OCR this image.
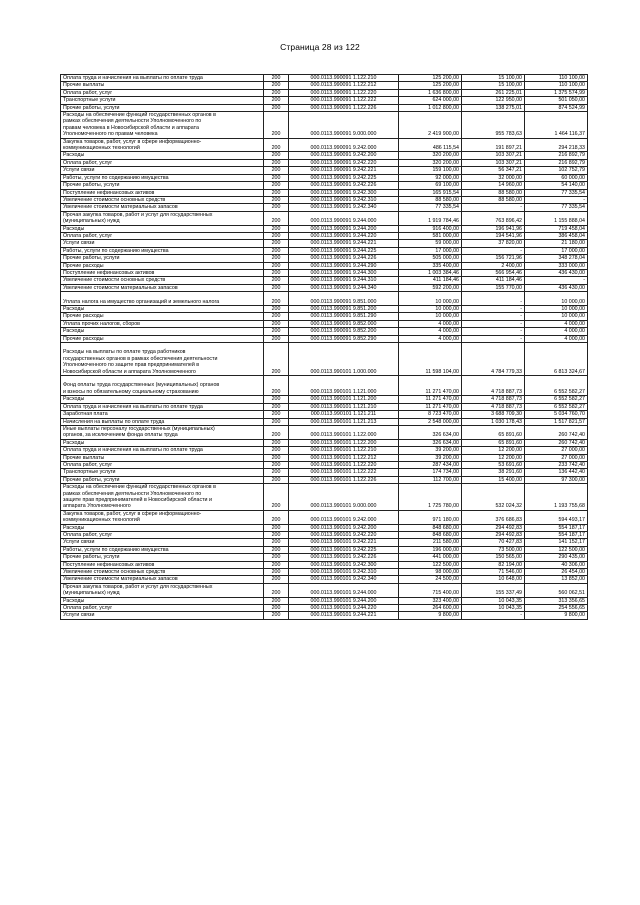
Страница 28 из 122
Оплата труда и начисления на выплаты по оплате труда	200	000.0113.990091 1.122.210	125 200,00	15 100,00	110 100,00
Прочие выплаты	200	000.0113.990091 1.122.212	125 200,00	15 100,00	110 100,00
Оплата работ, услуг	200	000.0113.990091 1.122.220	1 636 800,00	261 225,01	1 375 574,99
Транспортные услуги	200	000.0113.990091 1.122.222	624 000,00	122 950,00	501 050,00
Прочие работы, услуги	200	000.0113.990091 1.122.226	1 012 800,00	138 275,01	874 524,99
Расходы на обеспечение функций государственных органов в
рамках обеспечения деятельности Уполномоченного по
правам человека в Новосибирской области и аппарата
Уполномоченного по правам человека	200	000.0113.990091 9.000.000	2 419 900,00	955 783,63	1 464 116,37
Закупка товаров, работ, услуг в сфере информационно-
коммуникационных технологий	200	000.0113.990091 9.242.000	486 115,54	191 897,21	294 218,33
Расходы	200	000.0113.990091 9.242.200	320 200,00	103 307,21	216 892,79
Оплата работ, услуг	200	000.0113.990091 9.242.220	320 200,00	103 307,21	216 892,79
Услуги связи	200	000.0113.990091 9.242.221	159 100,00	56 347,21	102 752,79
Работы, услуги по содержанию имущества	200	000.0113.990091 9.242.225	92 000,00	32 000,00	60 000,00
Прочие работы, услуги	200	000.0113.990091 9.242.226	69 100,00	14 960,00	54 140,00
Поступление нефинансовых активов	200	000.0113.990091 9.242.300	165 915,54	88 580,00	77 335,54
Увеличение стоимости основных средств	200	000.0113.990091 9.242.310	88 580,00	88 580,00	-
Увеличение стоимости материальных запасов	200	000.0113.990091 9.242.340	77 335,54	-	77 335,54
Прочая закупка товаров, работ и услуг для государственных
(муниципальных) нужд	200	000.0113.990091 9.244.000	1 919 784,46	763 896,42	1 155 888,04
Расходы	200	000.0113.990091 9.244.200	916 400,00	196 941,96	719 458,04
Оплата работ, услуг	200	000.0113.990091 9.244.220	581 000,00	194 541,96	386 458,04
Услуги связи	200	000.0113.990091 9.244.221	59 000,00	37 820,00	21 180,00
Работы, услуги по содержанию имущества	200	000.0113.990091 9.244.225	17 000,00	-	17 000,00
Прочие работы, услуги	200	000.0113.990091 9.244.226	505 000,00	156 721,96	348 278,04
Прочие расходы	200	000.0113.990091 9.244.290	335 400,00	2 400,00	333 000,00
Поступление нефинансовых активов	200	000.0113.990091 9.244.300	1 003 384,46	566 954,46	436 430,00
Увеличение стоимости основных средств	200	000.0113.990091 9.244.310	411 184,46	411 184,46	-
Увеличение стоимости материальных запасов	200	000.0113.990091 9.244.340	592 200,00	155 770,00	436 430,00

Уплата налога на имущество организаций и земельного налога	200	000.0113.990091 9.851.000	10 000,00	-	10 000,00
Расходы	200	000.0113.990091 9.851.200	10 000,00	-	10 000,00
Прочие расходы	200	000.0113.990091 9.851.290	10 000,00	-	10 000,00
Уплата прочих налогов, сборов	200	000.0113.990091 9.852.000	4 000,00	-	4 000,00
Расходы	200	000.0113.990091 9.852.200	4 000,00	-	4 000,00
Прочие расходы	200	000.0113.990091 9.852.290	4 000,00	-	4 000,00

Расходы на выплаты по оплате труда работников
государственных органов в рамках обеспечения деятельности
Уполномоченного по защите прав предпринимателей в
Новосибирской области и аппарата Уполномоченного	200	000.0113.990101 1.000.000	11 598 104,00	4 784 779,33	6 813 324,67

Фонд оплаты труда государственных (муниципальных) органов
и взносы по обязательному социальному страхованию	200	000.0113.990101 1.121.000	11 271 470,00	4 718 887,73	6 552 582,27
Расходы	200	000.0113.990101 1.121.200	11 271 470,00	4 718 887,73	6 552 582,27
Оплата труда и начисления на выплаты по оплате труда	200	000.0113.990101 1.121.210	11 271 470,00	4 718 887,73	6 552 582,27
Заработная плата	200	000.0113.990101 1.121.211	8 723 470,00	3 688 709,30	5 034 760,70
Начисления на выплаты по оплате труда	200	000.0113.990101 1.121.213	2 548 000,00	1 030 178,43	1 517 821,57
Иные выплаты персоналу государственных (муниципальных)
органов, за исключением фонда оплаты труда	200	000.0113.990101 1.122.000	326 634,00	65 891,60	260 742,40
Расходы	200	000.0113.990101 1.122.200	326 634,00	65 891,60	260 742,40
Оплата труда и начисления на выплаты по оплате труда	200	000.0113.990101 1.122.210	39 200,00	12 200,00	27 000,00
Прочие выплаты	200	000.0113.990101 1.122.212	39 200,00	12 200,00	27 000,00
Оплата работ, услуг	200	000.0113.990101 1.122.220	287 434,00	53 691,60	233 742,40
Транспортные услуги	200	000.0113.990101 1.122.222	174 734,00	38 291,60	136 442,40
Прочие работы, услуги	200	000.0113.990101 1.122.226	112 700,00	15 400,00	97 300,00
Расходы на обеспечение функций государственных органов в
рамках обеспечения деятельности Уполномоченного по
защите прав предпринимателей в Новосибирской области и
аппарата Уполномоченного	200	000.0113.990101 9.000.000	1 725 780,00	532 024,32	1 193 755,68
Закупка товаров, работ, услуг в сфере информационно-
коммуникационных технологий	200	000.0113.990101 9.242.000	971 180,00	376 686,83	594 493,17
Расходы	200	000.0113.990101 9.242.200	848 680,00	294 492,83	554 187,17
Оплата работ, услуг	200	000.0113.990101 9.242.220	848 680,00	294 492,83	554 187,17
Услуги связи	200	000.0113.990101 9.242.221	211 580,00	70 427,83	141 152,17
Работы, услуги по содержанию имущества	200	000.0113.990101 9.242.225	196 000,00	73 500,00	122 500,00
Прочие работы, услуги	200	000.0113.990101 9.242.226	441 000,00	150 565,00	290 435,00
Поступление нефинансовых активов	200	000.0113.990101 9.242.300	122 500,00	82 194,00	40 306,00
Увеличение стоимости основных средств	200	000.0113.990101 9.242.310	98 000,00	71 546,00	26 454,00
Увеличение стоимости материальных запасов	200	000.0113.990101 9.242.340	24 500,00	10 648,00	13 852,00
Прочая закупка товаров, работ и услуг для государственных
(муниципальных) нужд	200	000.0113.990101 9.244.000	715 400,00	155 337,49	560 062,51
Расходы	200	000.0113.990101 9.244.200	323 400,00	10 043,35	313 356,65
Оплата работ, услуг	200	000.0113.990101 9.244.220	264 600,00	10 043,35	254 556,65
Услуги связи	200	000.0113.990101 9.244.221	9 800,00	-	9 800,00
